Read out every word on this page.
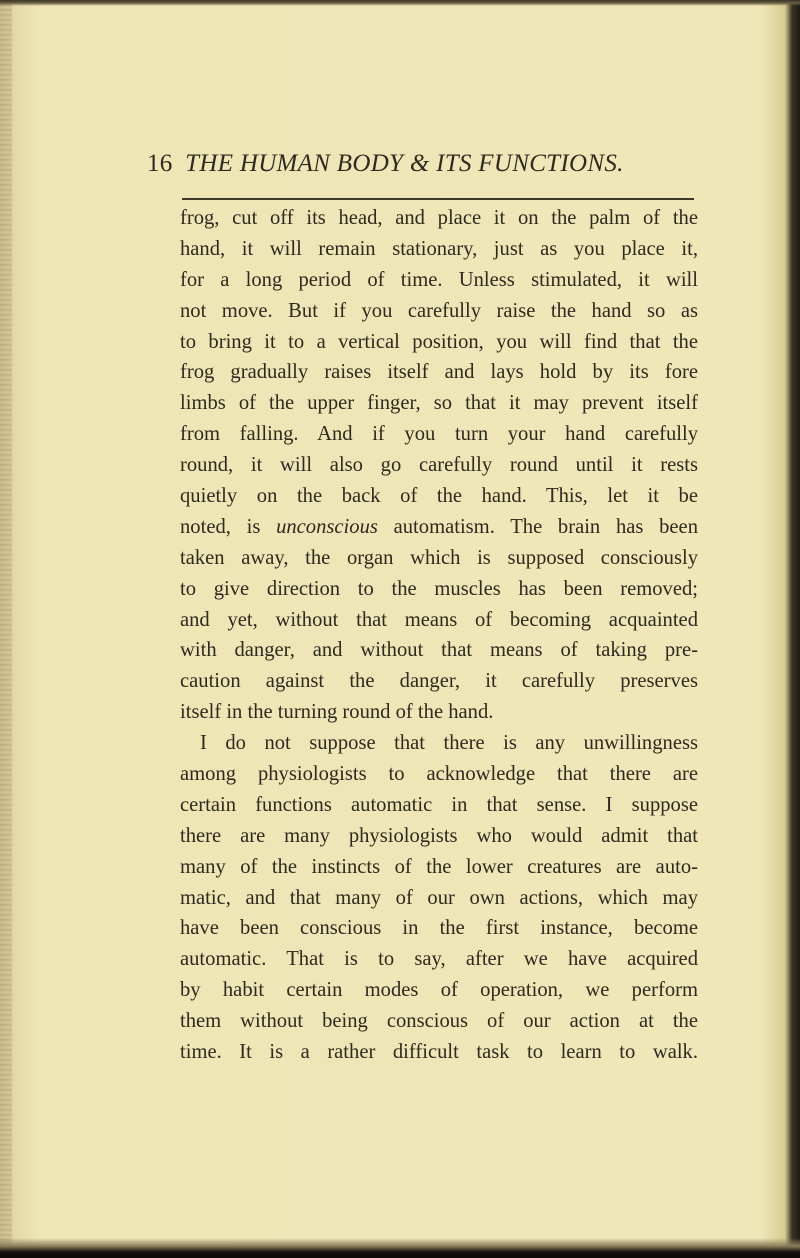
16 THE HUMAN BODY & ITS FUNCTIONS.
frog, cut off its head, and place it on the palm of the
hand, it will remain stationary, just as you place it,
for a long period of time. Unless stimulated, it will
not move. But if you carefully raise the hand so as
to bring it to a vertical position, you will find that the
frog gradually raises itself and lays hold by its fore
limbs of the upper finger, so that it may prevent itself
from falling. And if you turn your hand carefully
round, it will also go carefully round until it rests
quietly on the back of the hand. This, let it be
noted, is unconscious automatism. The brain has been
taken away, the organ which is supposed consciously
to give direction to the muscles has been removed;
and yet, without that means of becoming acquainted
with danger, and without that means of taking pre-
caution against the danger, it carefully preserves
itself in the turning round of the hand.
I do not suppose that there is any unwillingness
among physiologists to acknowledge that there are
certain functions automatic in that sense. I suppose
there are many physiologists who would admit that
many of the instincts of the lower creatures are auto-
matic, and that many of our own actions, which may
have been conscious in the first instance, become
automatic. That is to say, after we have acquired
by habit certain modes of operation, we perform
them without being conscious of our action at the
time. It is a rather difficult task to learn to walk.
